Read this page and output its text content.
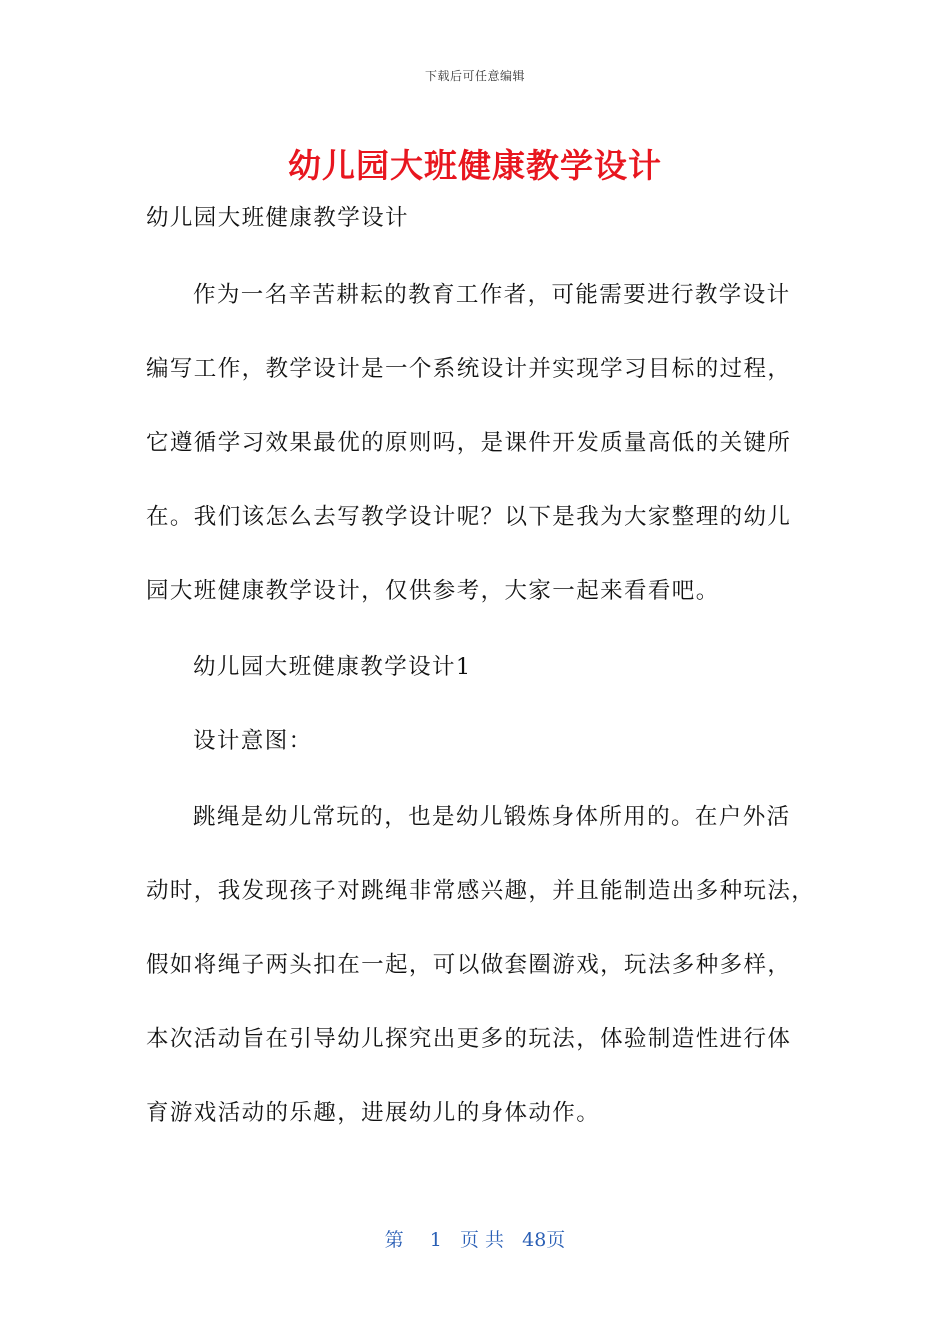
下载后可任意编辑
幼儿园大班健康教学设计
幼儿园大班健康教学设计
作为一名辛苦耕耘的教育工作者，可能需要进行教学设计
编写工作，教学设计是一个系统设计并实现学习目标的过程，
它遵循学习效果最优的原则吗，是课件开发质量高低的关键所
在。我们该怎么去写教学设计呢？以下是我为大家整理的幼儿
园大班健康教学设计，仅供参考，大家一起来看看吧。
幼儿园大班健康教学设计1
设计意图：
跳绳是幼儿常玩的，也是幼儿锻炼身体所用的。在户外活
动时，我发现孩子对跳绳非常感兴趣，并且能制造出多种玩法，
假如将绳子两头扣在一起，可以做套圈游戏，玩法多种多样，
本次活动旨在引导幼儿探究出更多的玩法，体验制造性进行体
育游戏活动的乐趣，进展幼儿的身体动作。
第 1 页 共 48页
